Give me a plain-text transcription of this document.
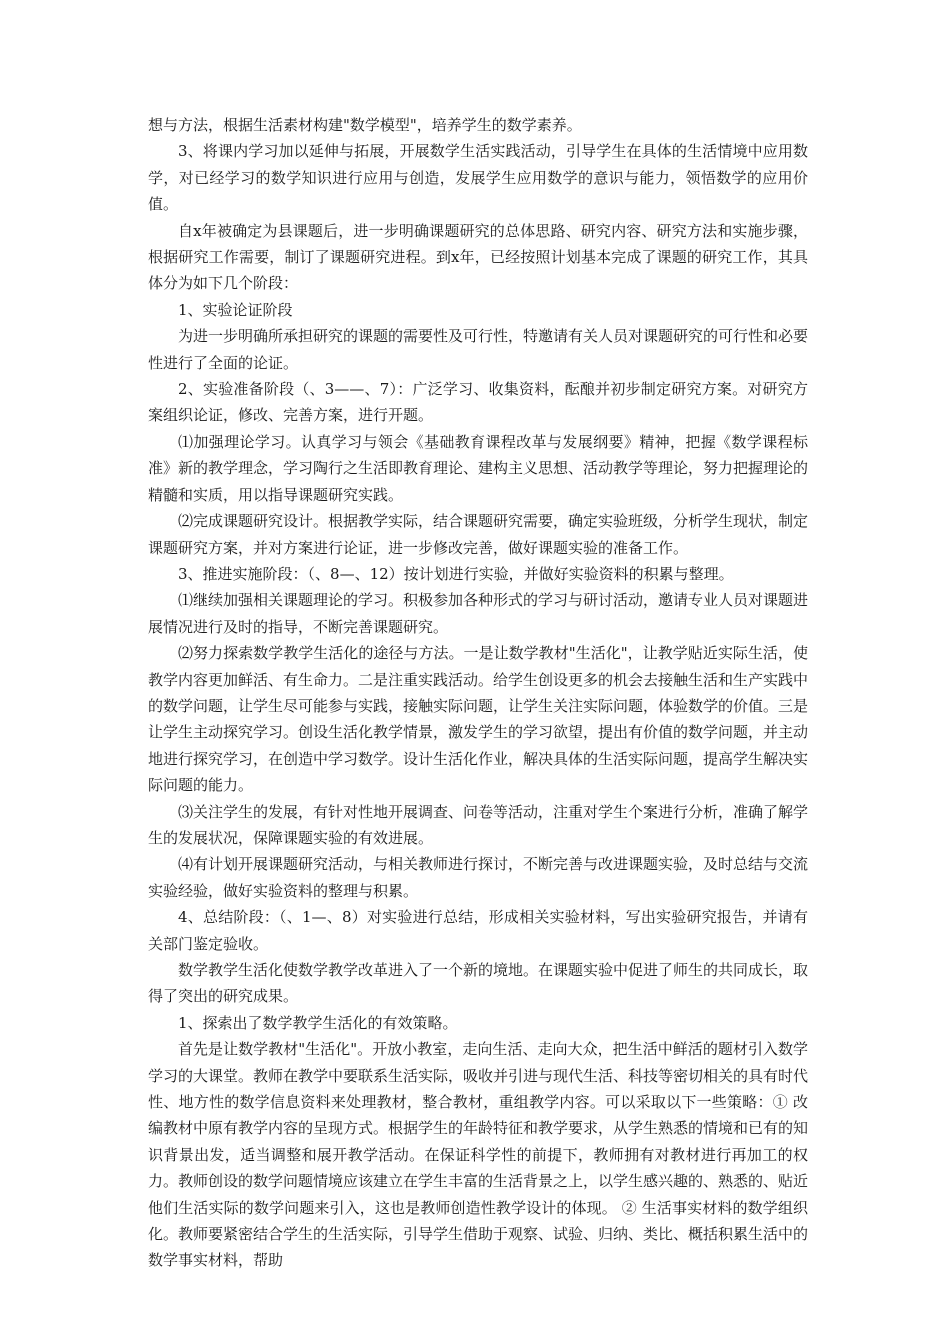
想与方法，根据生活素材构建"数学模型"，培养学生的数学素养。

3、将课内学习加以延伸与拓展，开展数学生活实践活动，引导学生在具体的生活情境中应用数学，对已经学习的数学知识进行应用与创造，发展学生应用数学的意识与能力，领悟数学的应用价值。

自x年被确定为县课题后，进一步明确课题研究的总体思路、研究内容、研究方法和实施步骤，根据研究工作需要，制订了课题研究进程。到x年，已经按照计划基本完成了课题的研究工作，其具体分为如下几个阶段：

1、实验论证阶段

为进一步明确所承担研究的课题的需要性及可行性，特邀请有关人员对课题研究的可行性和必要性进行了全面的论证。

2、实验准备阶段（、3——、7）：广泛学习、收集资料，酝酿并初步制定研究方案。对研究方案组织论证，修改、完善方案，进行开题。

⑴加强理论学习。认真学习与领会《基础教育课程改革与发展纲要》精神，把握《数学课程标准》新的教学理念，学习陶行之生活即教育理论、建构主义思想、活动教学等理论，努力把握理论的精髓和实质，用以指导课题研究实践。

⑵完成课题研究设计。根据教学实际，结合课题研究需要，确定实验班级，分析学生现状，制定课题研究方案，并对方案进行论证，进一步修改完善，做好课题实验的准备工作。

3、推进实施阶段：（、8—、12）按计划进行实验，并做好实验资料的积累与整理。

⑴继续加强相关课题理论的学习。积极参加各种形式的学习与研讨活动，邀请专业人员对课题进展情况进行及时的指导，不断完善课题研究。

⑵努力探索数学教学生活化的途径与方法。一是让数学教材"生活化"，让教学贴近实际生活，使教学内容更加鲜活、有生命力。二是注重实践活动。给学生创设更多的机会去接触生活和生产实践中的数学问题，让学生尽可能参与实践，接触实际问题，让学生关注实际问题，体验数学的价值。三是让学生主动探究学习。创设生活化教学情景，激发学生的学习欲望，提出有价值的数学问题，并主动地进行探究学习，在创造中学习数学。设计生活化作业，解决具体的生活实际问题，提高学生解决实际问题的能力。

⑶关注学生的发展，有针对性地开展调查、问卷等活动，注重对学生个案进行分析，准确了解学生的发展状况，保障课题实验的有效进展。

⑷有计划开展课题研究活动，与相关教师进行探讨，不断完善与改进课题实验，及时总结与交流实验经验，做好实验资料的整理与积累。

4、总结阶段：（、1—、8）对实验进行总结，形成相关实验材料，写出实验研究报告，并请有关部门鉴定验收。

数学教学生活化使数学教学改革进入了一个新的境地。在课题实验中促进了师生的共同成长，取得了突出的研究成果。

1、探索出了数学教学生活化的有效策略。

首先是让数学教材"生活化"。开放小教室，走向生活、走向大众，把生活中鲜活的题材引入数学学习的大课堂。教师在教学中要联系生活实际，吸收并引进与现代生活、科技等密切相关的具有时代性、地方性的数学信息资料来处理教材，整合教材，重组教学内容。可以采取以下一些策略：① 改编教材中原有教学内容的呈现方式。根据学生的年龄特征和教学要求，从学生熟悉的情境和已有的知识背景出发，适当调整和展开教学活动。在保证科学性的前提下，教师拥有对教材进行再加工的权力。教师创设的数学问题情境应该建立在学生丰富的生活背景之上，以学生感兴趣的、熟悉的、贴近他们生活实际的数学问题来引入，这也是教师创造性教学设计的体现。 ② 生活事实材料的数学组织化。教师要紧密结合学生的生活实际，引导学生借助于观察、试验、归纳、类比、概括积累生活中的数学事实材料，帮助
